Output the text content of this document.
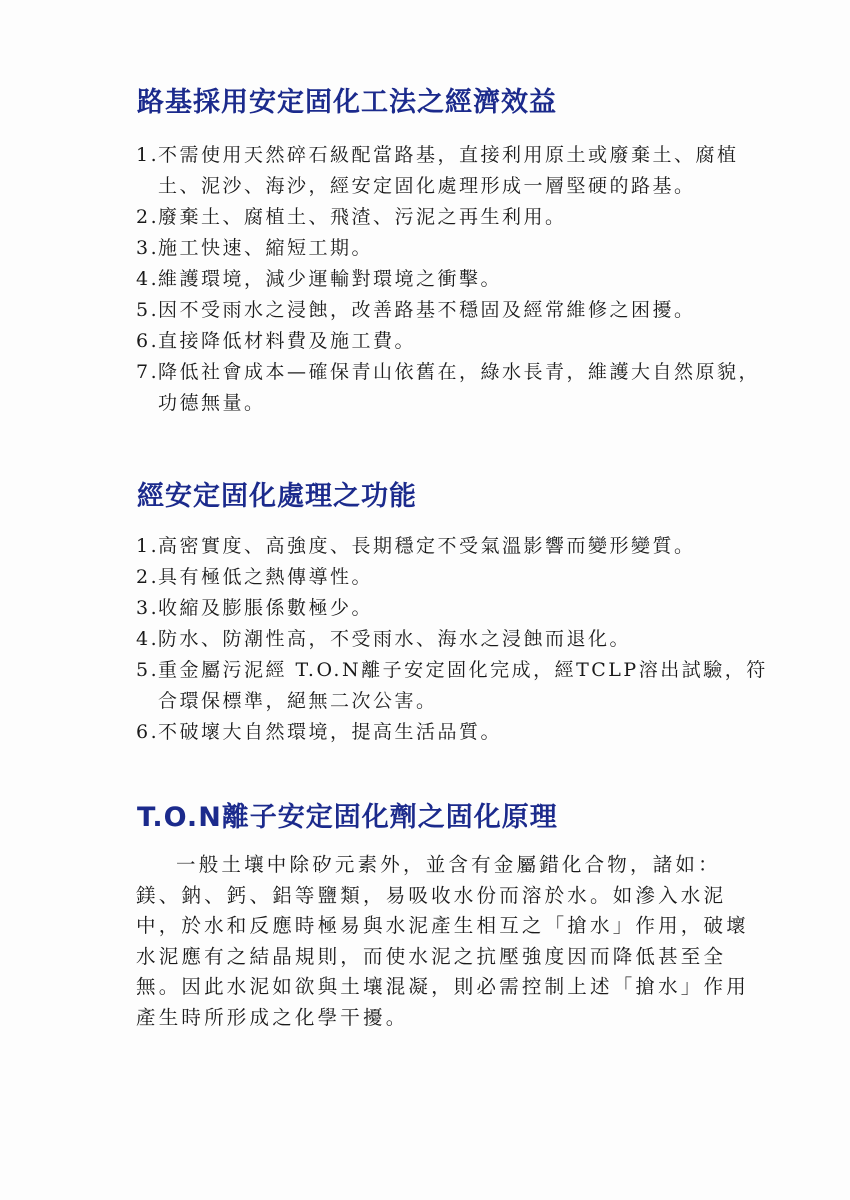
路基採用安定固化工法之經濟效益
1.
不需使用天然碎石級配當路基，直接利用原土或廢棄土、腐植土、泥沙、海沙，經安定固化處理形成一層堅硬的路基。
2.
廢棄土、腐植土、飛渣、污泥之再生利用。
3.
施工快速、縮短工期。
4.
維護環境，減少運輸對環境之衝擊。
5.
因不受雨水之浸蝕，改善路基不穩固及經常維修之困擾。
6.
直接降低材料費及施工費。
7.
降低社會成本—確保青山依舊在，綠水長青，維護大自然原貌，功德無量。
經安定固化處理之功能
1.
高密實度、高強度、長期穩定不受氣溫影響而變形變質。
2.
具有極低之熱傳導性。
3.
收縮及膨脹係數極少。
4.
防水、防潮性高，不受雨水、海水之浸蝕而退化。
5.
重金屬污泥經 T.O.N離子安定固化完成，經TCLP溶出試驗，符合環保標準，絕無二次公害。
6.
不破壞大自然環境，提高生活品質。
T.O.N離子安定固化劑之固化原理

一般土壤中除矽元素外，並含有金屬錯化合物，諸如：鎂、鈉、鈣、鋁等鹽類，易吸收水份而溶於水。如滲入水泥中，於水和反應時極易與水泥產生相互之「搶水」作用，破壞水泥應有之結晶規則，而使水泥之抗壓強度因而降低甚至全無。因此水泥如欲與土壤混凝，則必需控制上述「搶水」作用產生時所形成之化學干擾。
